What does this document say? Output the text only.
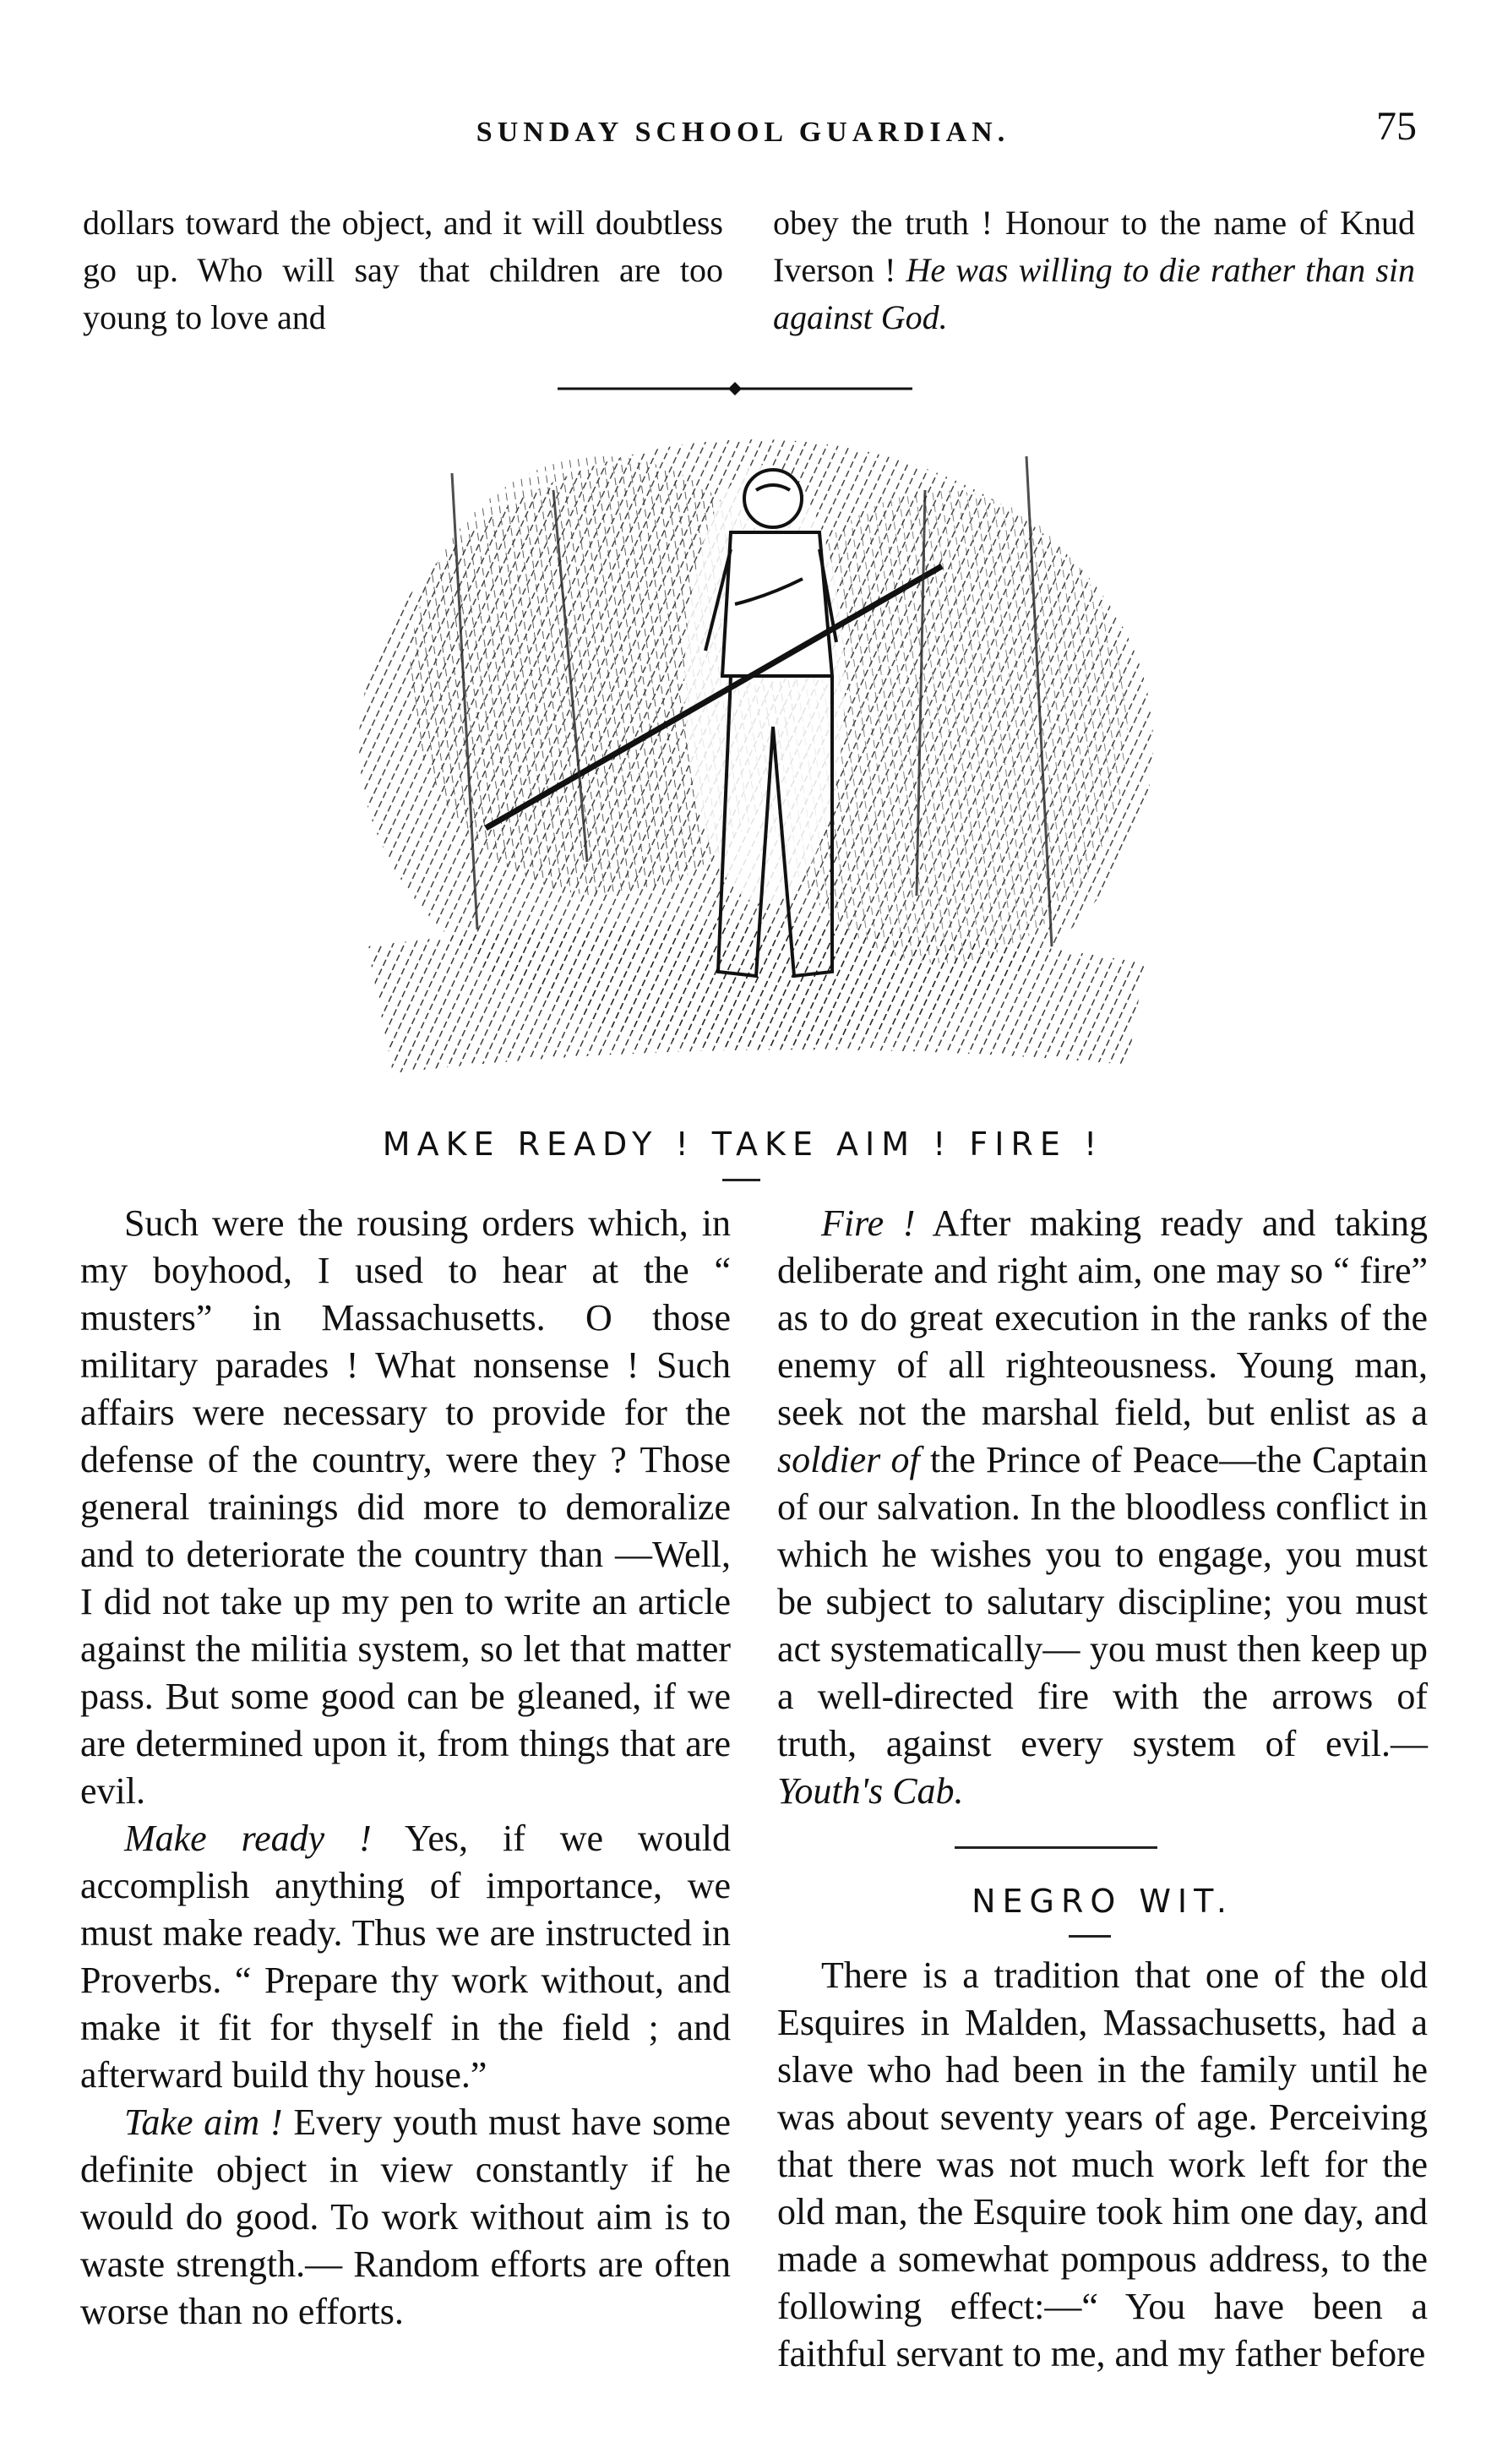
SUNDAY SCHOOL GUARDIAN.	75

dollars toward the object, and it will doubtless go up. Who will say that children are too young to love and

obey the truth ! Honour to the name of Knud Iverson ! He was willing to die rather than sin against God.

MAKE READY ! TAKE AIM ! FIRE !

Such were the rousing orders which, in my boyhood, I used to hear at the “ musters” in Massachusetts. O those military parades ! What nonsense ! Such affairs were necessary to provide for the defense of the country, were they ? Those general trainings did more to demoralize and to deteriorate the country than —Well, I did not take up my pen to write an article against the militia system, so let that matter pass. But some good can be gleaned, if we are determined upon it, from things that are evil.

Make ready ! Yes, if we would accomplish anything of importance, we must make ready. Thus we are instructed in Proverbs. “ Prepare thy work without, and make it fit for thyself in the field ; and afterward build thy house.”

Take aim ! Every youth must have some definite object in view constantly if he would do good. To work without aim is to waste strength.— Random efforts are often worse than no efforts.

Fire ! After making ready and taking deliberate and right aim, one may so “ fire” as to do great execution in the ranks of the enemy of all righteousness. Young man, seek not the marshal field, but enlist as a soldier of the Prince of Peace—the Captain of our salvation. In the bloodless conflict in which he wishes you to engage, you must be subject to salutary discipline; you must act systematically— you must then keep up a well-directed fire with the arrows of truth, against every system of evil.— Youth's Cab.

NEGRO WIT.

There is a tradition that one of the old Esquires in Malden, Massachusetts, had a slave who had been in the family until he was about seventy years of age. Perceiving that there was not much work left for the old man, the Esquire took him one day, and made a somewhat pompous address, to the following effect:—“ You have been a faithful servant to me, and my father before
